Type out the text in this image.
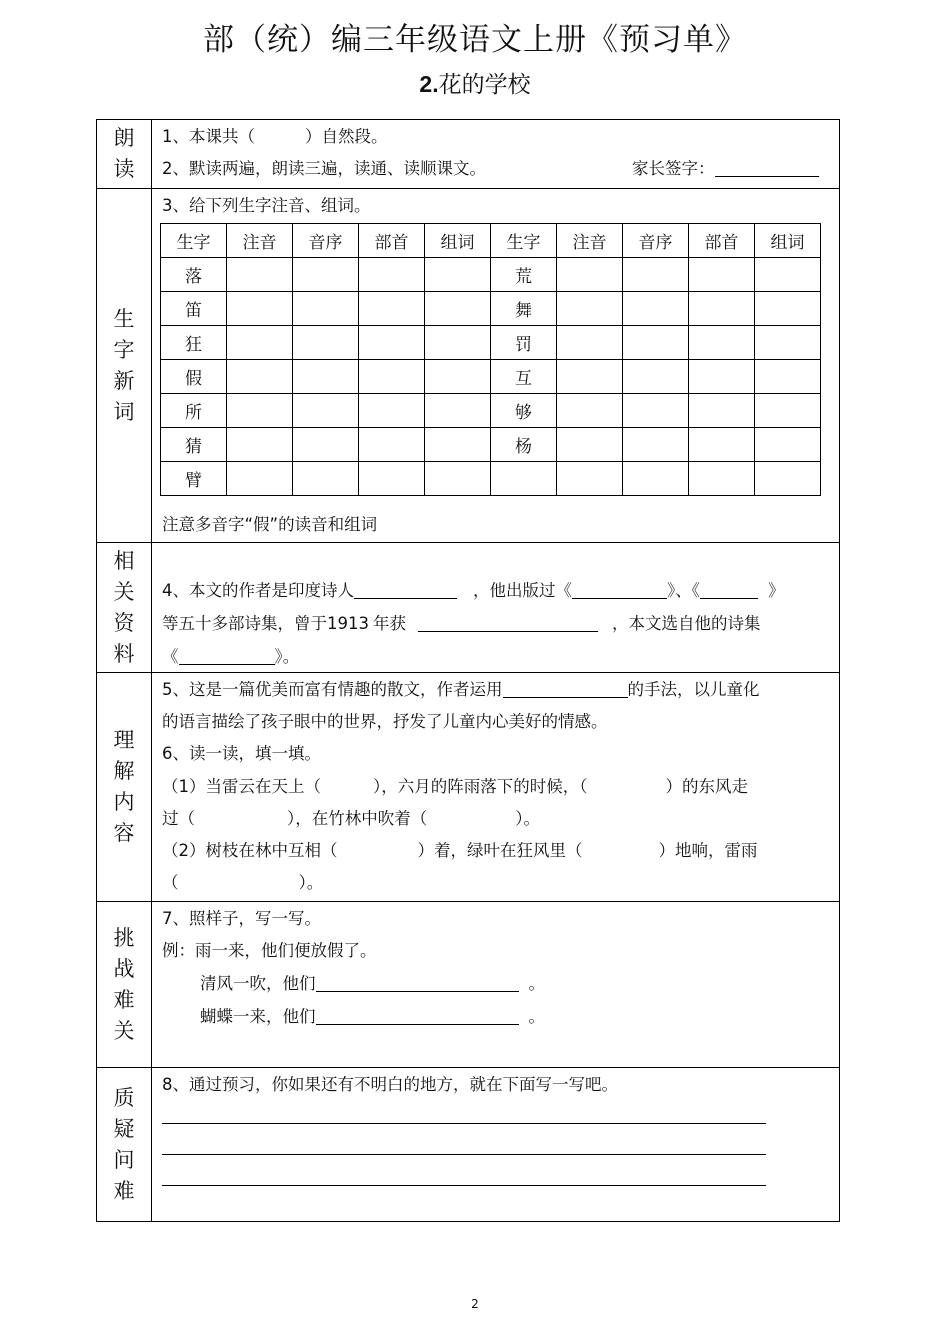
部（统）编三年级语文上册《预习单》
2.花的学校
朗读
1、本课共（	）自然段。
2、默读两遍，朗读三遍，读通、读顺课文。	家长签字：
生字新词
3、给下列生字注音、组词。
生字	注音	音序	部首	组词	生字	注音	音序	部首	组词
落					荒				
笛					舞				
狂					罚				
假					互				
所					够				
猜					杨				
臂									
注意多音字“假”的读音和组词
相关资料
4、本文的作者是印度诗人	，他出版过《	》、《	》
等五十多部诗集，曾于1913 年获	，本文选自他的诗集
《	》。
理解内容
5、这是一篇优美而富有情趣的散文，作者运用	的手法，以儿童化
的语言描绘了孩子眼中的世界，抒发了儿童内心美好的情感。
6、读一读，填一填。
（1）当雷云在天上（	），六月的阵雨落下的时候，（	）的东风走
过（	），在竹林中吹着（	）。
（2）树枝在林中互相（	）着，绿叶在狂风里（	）地响，雷雨
（	）。
挑战难关
7、照样子，写一写。
例：雨一来，他们便放假了。
清风一吹，他们	。
蝴蝶一来，他们	。
质疑问难
8、通过预习，你如果还有不明白的地方，就在下面写一写吧。
2
